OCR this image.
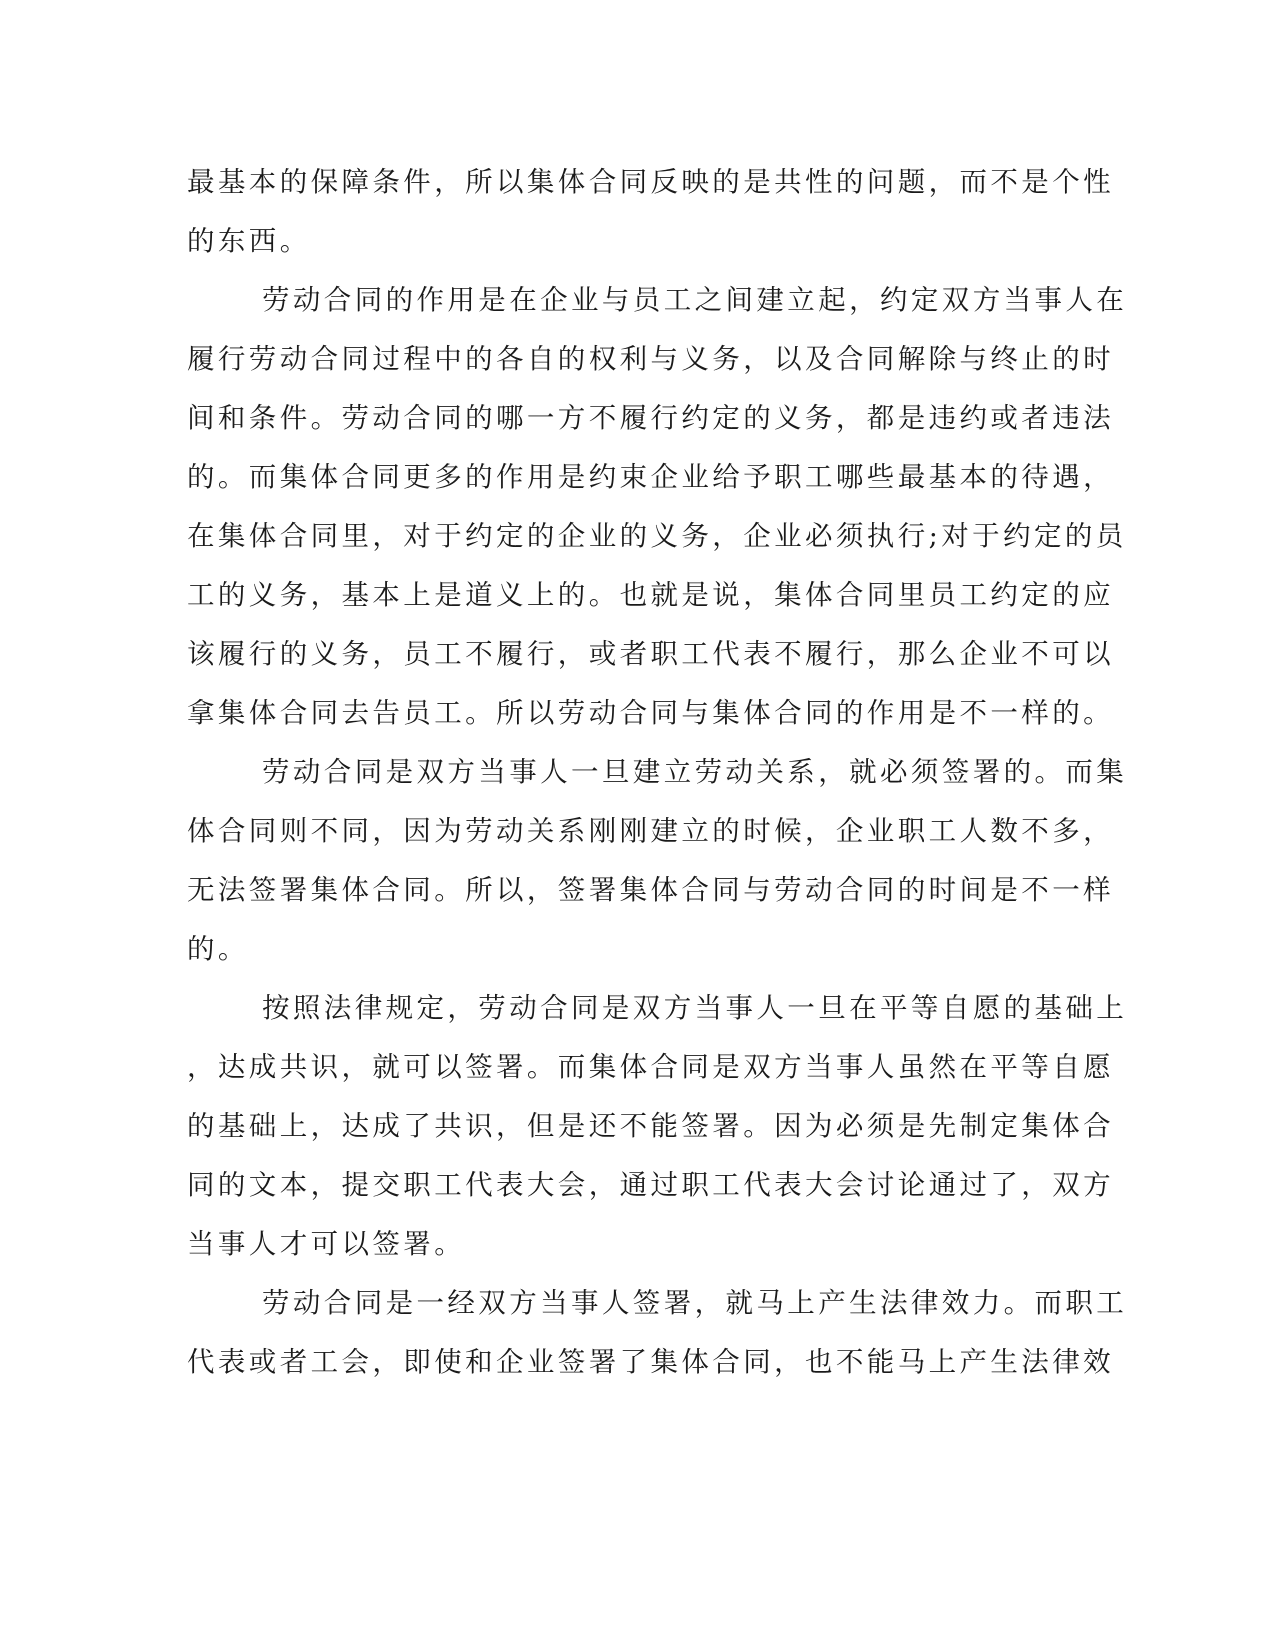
最基本的保障条件，所以集体合同反映的是共性的问题，而不是个性
的东西。
劳动合同的作用是在企业与员工之间建立起，约定双方当事人在
履行劳动合同过程中的各自的权利与义务，以及合同解除与终止的时
间和条件。劳动合同的哪一方不履行约定的义务，都是违约或者违法
的。而集体合同更多的作用是约束企业给予职工哪些最基本的待遇，
在集体合同里，对于约定的企业的义务，企业必须执行;对于约定的员
工的义务，基本上是道义上的。也就是说，集体合同里员工约定的应
该履行的义务，员工不履行，或者职工代表不履行，那么企业不可以
拿集体合同去告员工。所以劳动合同与集体合同的作用是不一样的。
劳动合同是双方当事人一旦建立劳动关系，就必须签署的。而集
体合同则不同，因为劳动关系刚刚建立的时候，企业职工人数不多，
无法签署集体合同。所以，签署集体合同与劳动合同的时间是不一样
的。
按照法律规定，劳动合同是双方当事人一旦在平等自愿的基础上
，达成共识，就可以签署。而集体合同是双方当事人虽然在平等自愿
的基础上，达成了共识，但是还不能签署。因为必须是先制定集体合
同的文本，提交职工代表大会，通过职工代表大会讨论通过了，双方
当事人才可以签署。
劳动合同是一经双方当事人签署，就马上产生法律效力。而职工
代表或者工会，即使和企业签署了集体合同，也不能马上产生法律效
